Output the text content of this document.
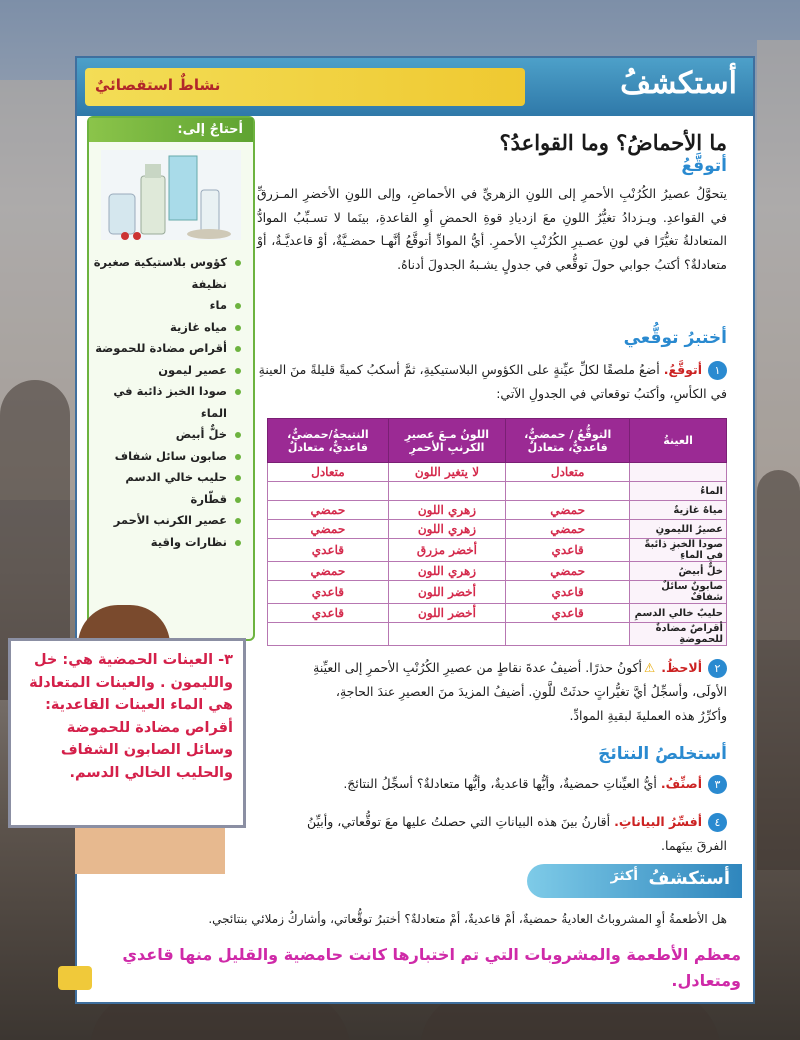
نشاطٌ استقصائيٌ	أستكشفُ
ما الأحماضُ؟ وما القواعدُ؟
أتوقَّعُ
يتحوَّلُ عصيرُ الكُرُنْبِ الأحمرِ إلى اللونِ الزهريِّ في الأحماضِ، وإلى اللونِ الأخضرِ المـزرقِّ في القواعدِ. ويـزدادُ تغيُّرُ اللونِ معَ ازديادِ قوةِ الحمضِ أوِ القاعدةِ، بينَما لا تسـبِّبُ الموادُّ المتعادلةُ تغيُّرًا في لونِ عصـيرِ الكُرُنْبِ الأحمرِ. أيُّ الموادِّ أتوقَّعُ أنَّهـا حمضـيَّةٌ، أوْ قاعديَّـةٌ، أوْ متعادلةٌ؟ أكتبُ جوابي حولَ توقُّعي في جدولٍ يشـبهُ الجدولَ أدناهُ.
أختبرُ توقُّعي
١أتوقَّعُ.أضعُ ملصقًا لكلِّ عيِّنةٍ على الكؤوسِ البلاستيكيةِ، ثمَّ أسكبُ كميةً قليلةً منَ العينةِ في الكأسِ، وأكتبُ توقعاتي في الجدولِ الآتي:
أحتاجُ إلى:
كؤوس بلاستيكية صغيرة نظيفة
ماء
مياه غازية
أقراص مضادة للحموضة
عصير ليمون
صودا الخبز ذائبة في الماء
خلٌّ أبيض
صابون سائل شفاف
حليب خالي الدسم
قطّارة
عصير الكرنب الأحمر
نظارات واقية
العينةُ	التوقُّعُ / حمضيٌّ، قاعديٌّ، متعادلٌ	اللونُ مـعَ عصيرِ الكرنبِ الأحمرِ	النتيجةُ/حمضيٌّ، قاعديٌّ، متعادلٌ
	متعادل	لا يتغير اللون	متعادل
الماءُ			
مياهٌ غازيةٌ	حمضي	زهري اللون	حمضي
عصيرُ الليمونِ	حمضي	زهري اللون	حمضي
صودا الخبزِ ذائبةً في الماءِ	قاعدي	أخضر مزرق	قاعدي
خلٌّ أبيضُ	حمضي	زهري اللون	حمضي
صابونٌ سائلٌ شفافٌ	قاعدي	أخضر اللون	قاعدي
حليبٌ خالي الدسمِ	قاعدي	أخضر اللون	قاعدي
أقراصٌ مضادةٌ للحموضةِ			
٢ألاحظُ.⚠أكونُ حذرًا. أضيفُ عدةَ نقاطٍ من عصيرِ الكُرُنْبِ الأحمرِ إلى العيِّنةِ الأولَى، وأسجِّلُ أيَّ تغيُّراتٍ حدثَتْ للَّونِ. أضيفُ المزيدَ منَ العصيرِ عندَ الحاجةِ، وأكرِّرُ هذه العمليةَ لبقيةِ الموادِّ.
أستخلصُ النتائجَ
٣أصنِّفُ.أيُّ العيِّناتِ حمضيةٌ، وأيُّها قاعديةٌ، وأيُّها متعادلةٌ؟ أسجِّلُ النتائجَ.
٤أفسِّرُ البياناتِ.أقارنُ بينَ هذه البياناتِ التي حصلتُ عليها معَ توقُّعاتي، وأبيِّنُ الفرقَ بينَهما.
أستكشفُ
أكثرَ
هل الأطعمةُ أوِ المشروباتُ العاديةُ حمضيةٌ، أمْ قاعديةٌ، أمْ متعادلةٌ؟ أختبرُ توقُّعاتي، وأشاركُ زملائي بنتائجي.
معظم الأطعمة والمشروبات التي تم اختبارها كانت حامضية والقليل منها قاعدي ومتعادل.
٣- العينات الحمضية هي: خل والليمون . والعينات المتعادلة هي الماء العينات القاعدية: أقراص مضادة للحموضة وسائل الصابون الشفاف والحليب الخالي الدسم.
